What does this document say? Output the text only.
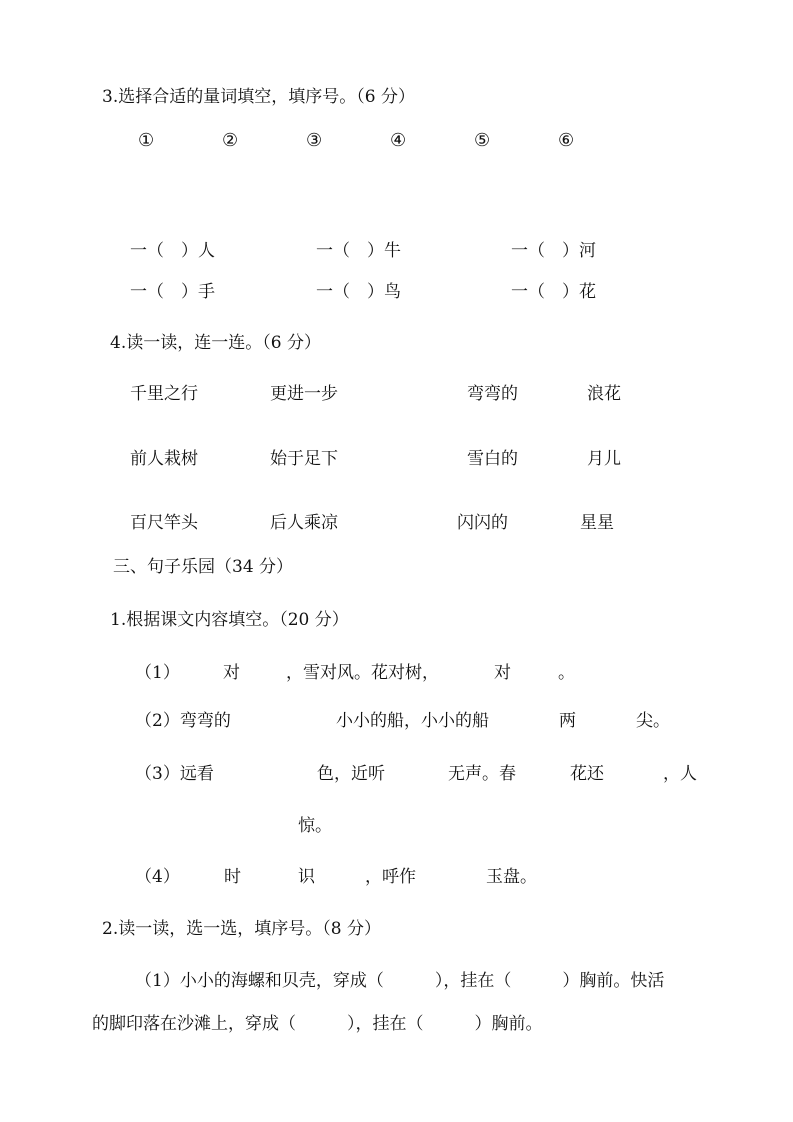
3.选择合适的量词填空，填序号。（6 分）
①	②	③	④	⑤	⑥
一（　）人	一（　）牛	一（　）河
一（　）手	一（　）鸟	一（　）花
4.读一读，连一连。（6 分）
千里之行	更进一步	弯弯的	浪花
前人栽树	始于足下	雪白的	月儿
百尺竿头	后人乘凉	闪闪的	星星
三、句子乐园（34 分）
1.根据课文内容填空。（20 分）
（1）	对	，雪对风。花对树，	对	。
（2）弯弯的	小小的船，小小的船	两	尖。
（3）远看	色，近听	无声。春	花还	，人
惊。
（4）	时	识	，呼作	玉盘。
2.读一读，选一选，填序号。（8 分）
（1）小小的海螺和贝壳，穿成（　　　），挂在（　　　）胸前。快活
的脚印落在沙滩上，穿成（　　　），挂在（　　　）胸前。
